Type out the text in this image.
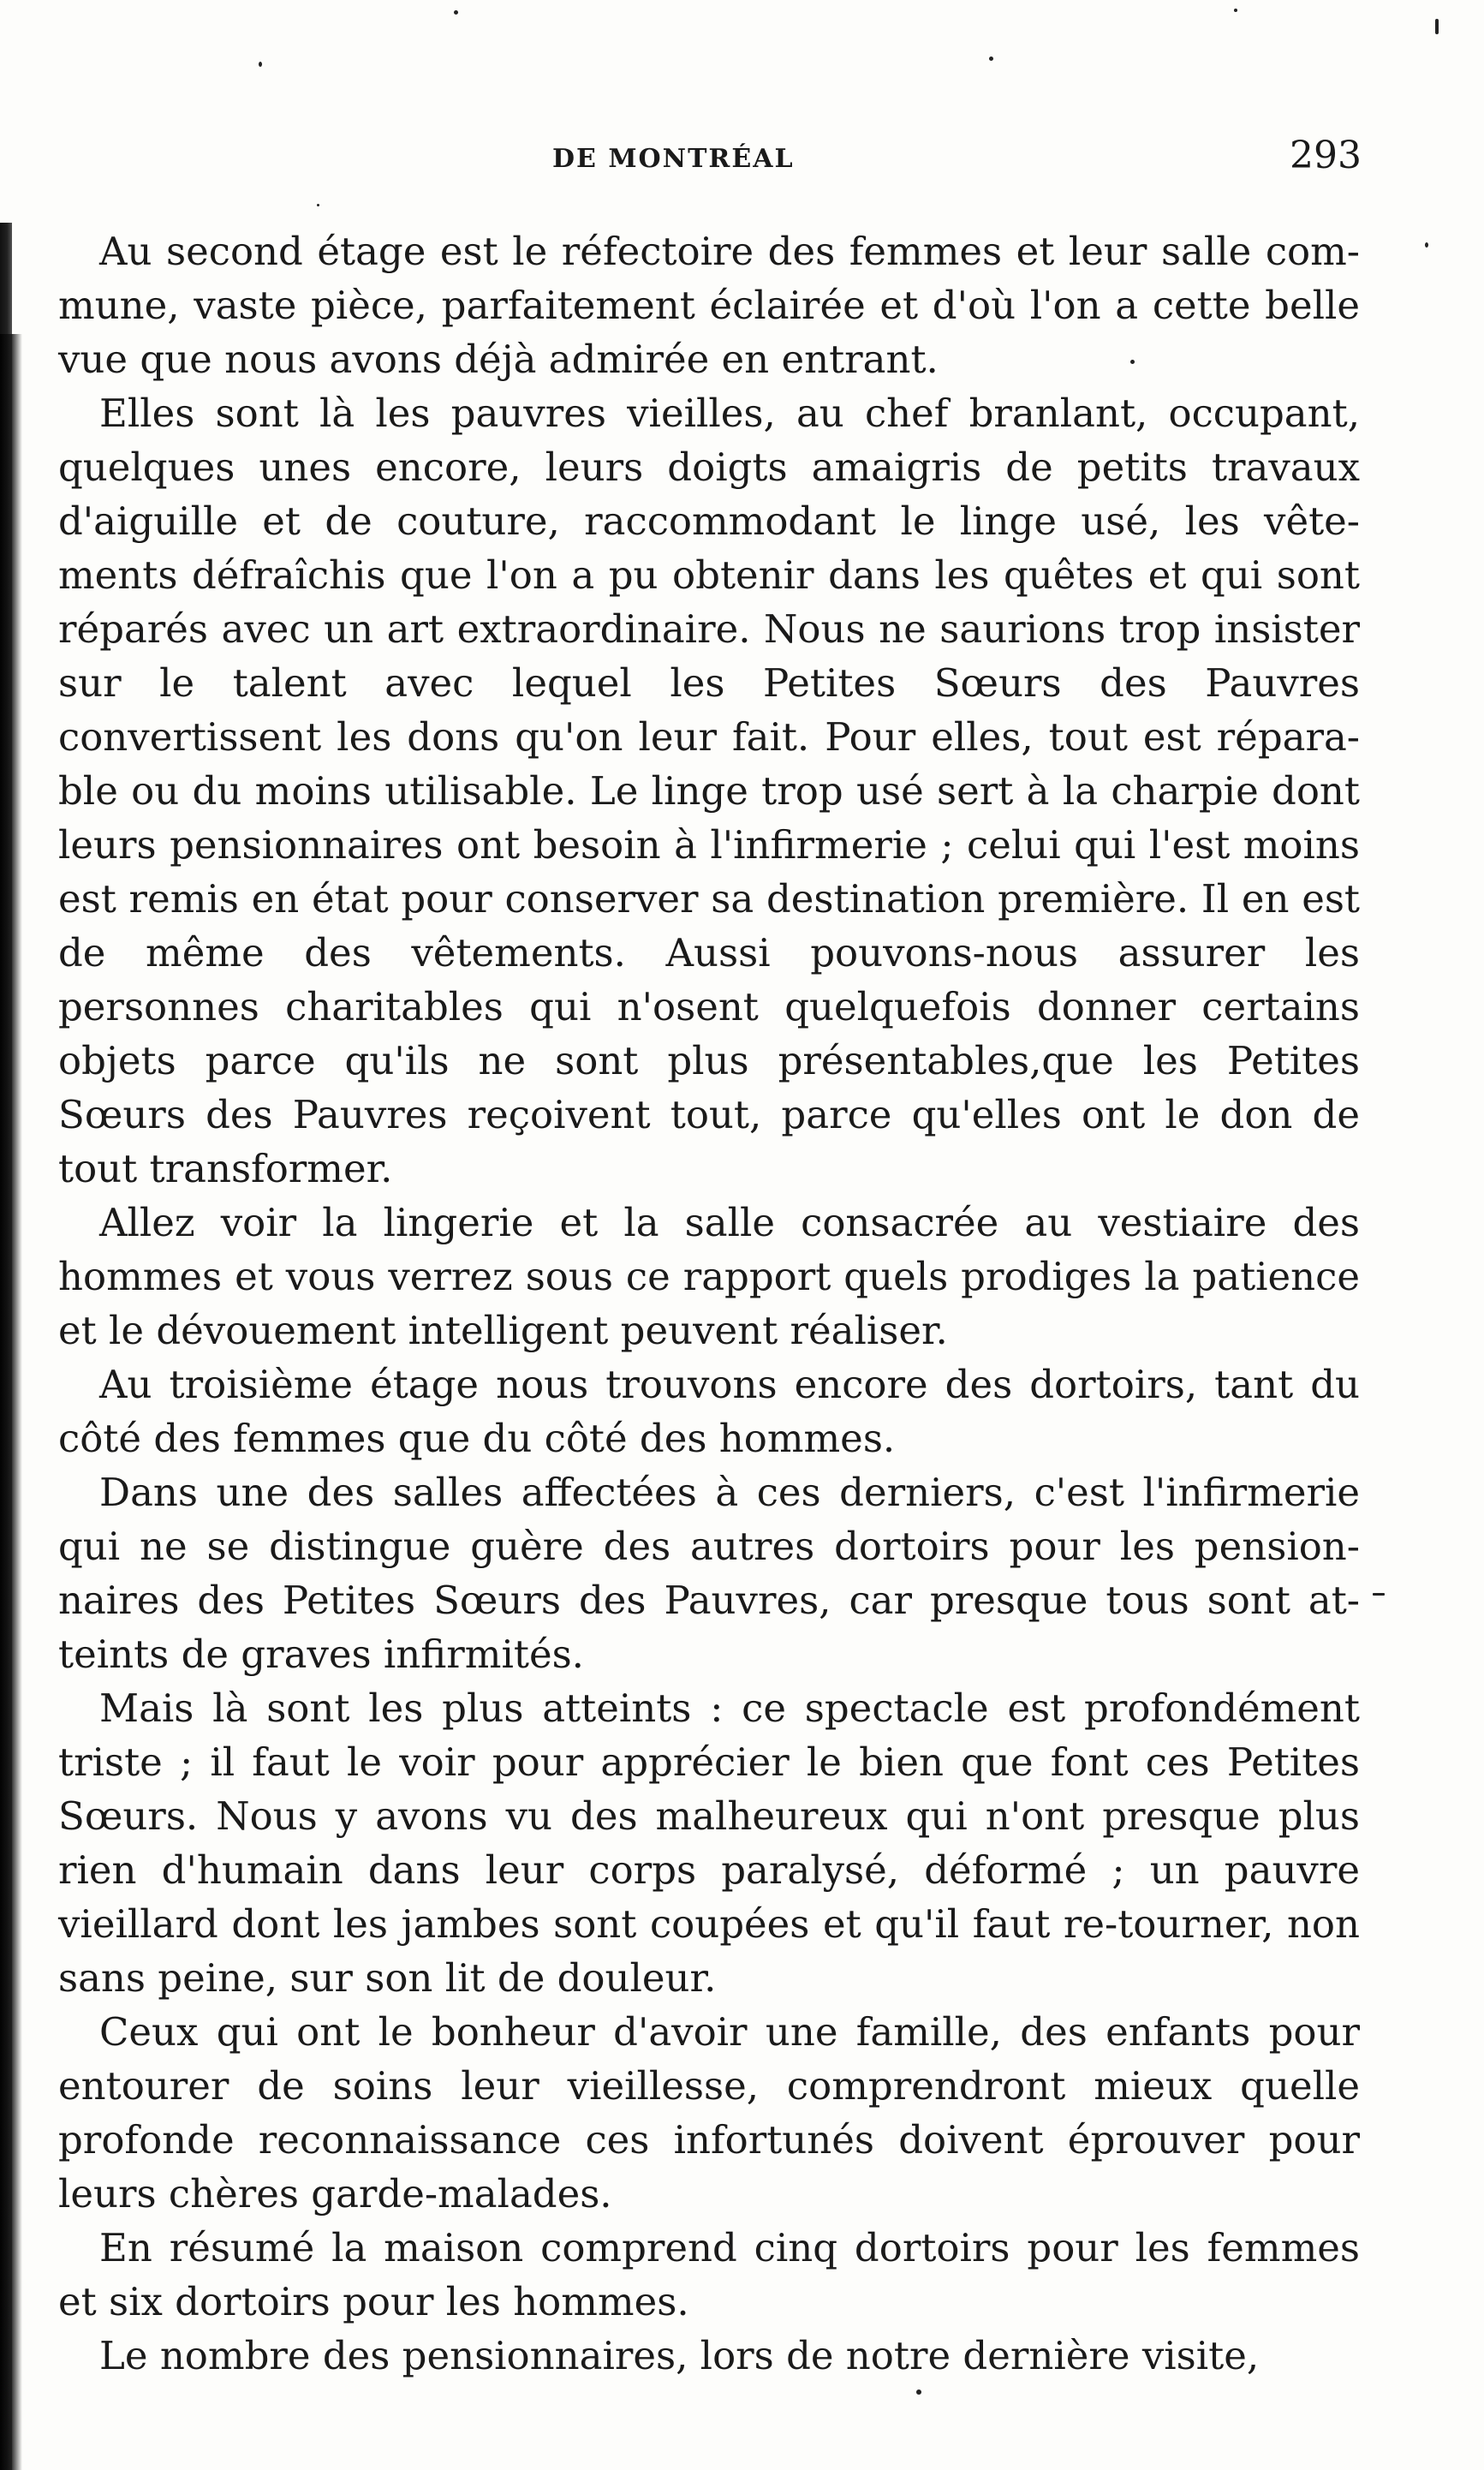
DE MONTRÉAL	293

Au second étage est le réfectoire des femmes et leur salle com-mune, vaste pièce, parfaitement éclairée et d'où l'on a cette belle vue que nous avons déjà admirée en entrant.

Elles sont là les pauvres vieilles, au chef branlant, occupant, quelques unes encore, leurs doigts amaigris de petits travaux d'aiguille et de couture, raccommodant le linge usé, les vête-ments défraîchis que l'on a pu obtenir dans les quêtes et qui sont réparés avec un art extraordinaire. Nous ne saurions trop insister sur le talent avec lequel les Petites Sœurs des Pauvres convertissent les dons qu'on leur fait. Pour elles, tout est répara-ble ou du moins utilisable. Le linge trop usé sert à la charpie dont leurs pensionnaires ont besoin à l'infirmerie ; celui qui l'est moins est remis en état pour conserver sa destination première. Il en est de même des vêtements. Aussi pouvons-nous assurer les personnes charitables qui n'osent quelquefois donner certains objets parce qu'ils ne sont plus présentables,que les Petites Sœurs des Pauvres reçoivent tout, parce qu'elles ont le don de tout transformer.

Allez voir la lingerie et la salle consacrée au vestiaire des hommes et vous verrez sous ce rapport quels prodiges la patience et le dévouement intelligent peuvent réaliser.

Au troisième étage nous trouvons encore des dortoirs, tant du côté des femmes que du côté des hommes.

Dans une des salles affectées à ces derniers, c'est l'infirmerie qui ne se distingue guère des autres dortoirs pour les pension-naires des Petites Sœurs des Pauvres, car presque tous sont at-teints de graves infirmités.

Mais là sont les plus atteints : ce spectacle est profondément triste ; il faut le voir pour apprécier le bien que font ces Petites Sœurs. Nous y avons vu des malheureux qui n'ont presque plus rien d'humain dans leur corps paralysé, déformé ; un pauvre vieillard dont les jambes sont coupées et qu'il faut re-tourner, non sans peine, sur son lit de douleur.

Ceux qui ont le bonheur d'avoir une famille, des enfants pour entourer de soins leur vieillesse, comprendront mieux quelle profonde reconnaissance ces infortunés doivent éprouver pour leurs chères garde-malades.

En résumé la maison comprend cinq dortoirs pour les femmes et six dortoirs pour les hommes.

Le nombre des pensionnaires, lors de notre dernière visite,
